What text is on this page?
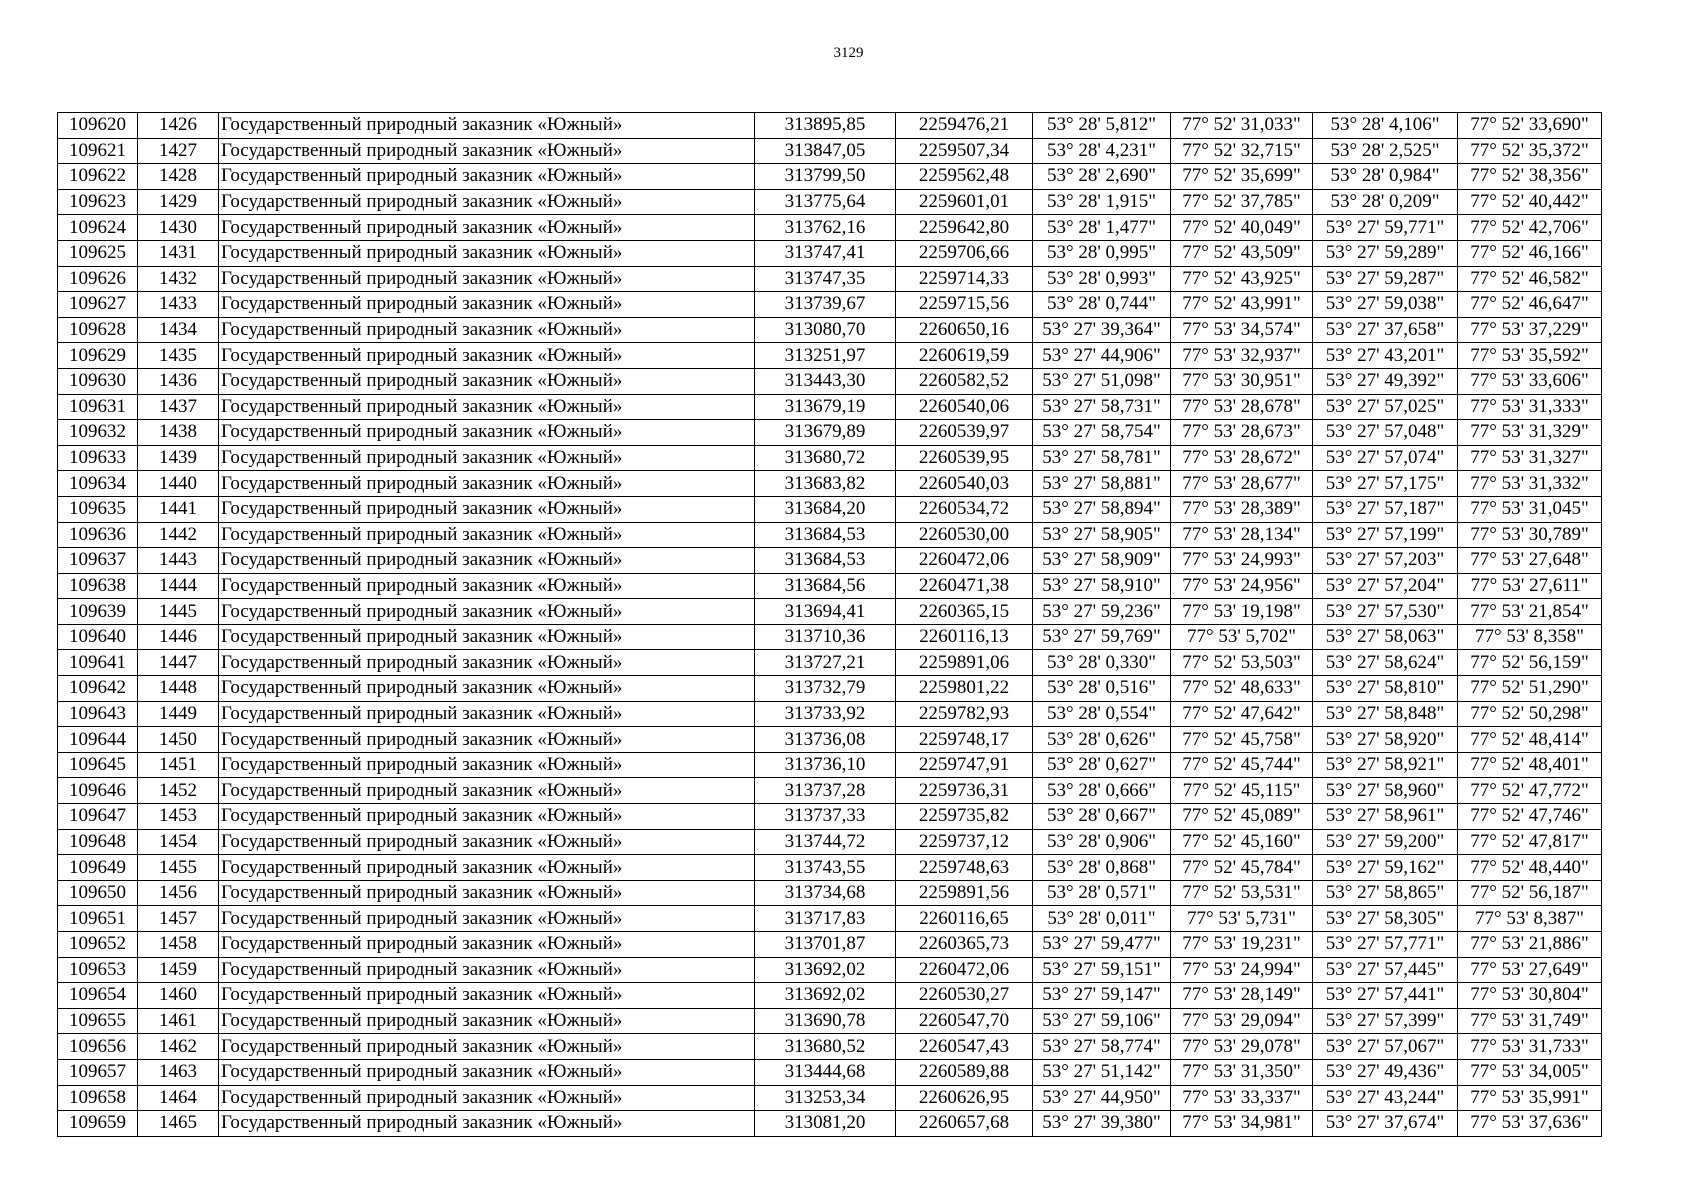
3129
109620	1426	Государственный природный заказник «Южный»	313895,85	2259476,21	53° 28' 5,812"	77° 52' 31,033"	53° 28' 4,106"	77° 52' 33,690"
109621	1427	Государственный природный заказник «Южный»	313847,05	2259507,34	53° 28' 4,231"	77° 52' 32,715"	53° 28' 2,525"	77° 52' 35,372"
109622	1428	Государственный природный заказник «Южный»	313799,50	2259562,48	53° 28' 2,690"	77° 52' 35,699"	53° 28' 0,984"	77° 52' 38,356"
109623	1429	Государственный природный заказник «Южный»	313775,64	2259601,01	53° 28' 1,915"	77° 52' 37,785"	53° 28' 0,209"	77° 52' 40,442"
109624	1430	Государственный природный заказник «Южный»	313762,16	2259642,80	53° 28' 1,477"	77° 52' 40,049"	53° 27' 59,771"	77° 52' 42,706"
109625	1431	Государственный природный заказник «Южный»	313747,41	2259706,66	53° 28' 0,995"	77° 52' 43,509"	53° 27' 59,289"	77° 52' 46,166"
109626	1432	Государственный природный заказник «Южный»	313747,35	2259714,33	53° 28' 0,993"	77° 52' 43,925"	53° 27' 59,287"	77° 52' 46,582"
109627	1433	Государственный природный заказник «Южный»	313739,67	2259715,56	53° 28' 0,744"	77° 52' 43,991"	53° 27' 59,038"	77° 52' 46,647"
109628	1434	Государственный природный заказник «Южный»	313080,70	2260650,16	53° 27' 39,364"	77° 53' 34,574"	53° 27' 37,658"	77° 53' 37,229"
109629	1435	Государственный природный заказник «Южный»	313251,97	2260619,59	53° 27' 44,906"	77° 53' 32,937"	53° 27' 43,201"	77° 53' 35,592"
109630	1436	Государственный природный заказник «Южный»	313443,30	2260582,52	53° 27' 51,098"	77° 53' 30,951"	53° 27' 49,392"	77° 53' 33,606"
109631	1437	Государственный природный заказник «Южный»	313679,19	2260540,06	53° 27' 58,731"	77° 53' 28,678"	53° 27' 57,025"	77° 53' 31,333"
109632	1438	Государственный природный заказник «Южный»	313679,89	2260539,97	53° 27' 58,754"	77° 53' 28,673"	53° 27' 57,048"	77° 53' 31,329"
109633	1439	Государственный природный заказник «Южный»	313680,72	2260539,95	53° 27' 58,781"	77° 53' 28,672"	53° 27' 57,074"	77° 53' 31,327"
109634	1440	Государственный природный заказник «Южный»	313683,82	2260540,03	53° 27' 58,881"	77° 53' 28,677"	53° 27' 57,175"	77° 53' 31,332"
109635	1441	Государственный природный заказник «Южный»	313684,20	2260534,72	53° 27' 58,894"	77° 53' 28,389"	53° 27' 57,187"	77° 53' 31,045"
109636	1442	Государственный природный заказник «Южный»	313684,53	2260530,00	53° 27' 58,905"	77° 53' 28,134"	53° 27' 57,199"	77° 53' 30,789"
109637	1443	Государственный природный заказник «Южный»	313684,53	2260472,06	53° 27' 58,909"	77° 53' 24,993"	53° 27' 57,203"	77° 53' 27,648"
109638	1444	Государственный природный заказник «Южный»	313684,56	2260471,38	53° 27' 58,910"	77° 53' 24,956"	53° 27' 57,204"	77° 53' 27,611"
109639	1445	Государственный природный заказник «Южный»	313694,41	2260365,15	53° 27' 59,236"	77° 53' 19,198"	53° 27' 57,530"	77° 53' 21,854"
109640	1446	Государственный природный заказник «Южный»	313710,36	2260116,13	53° 27' 59,769"	77° 53' 5,702"	53° 27' 58,063"	77° 53' 8,358"
109641	1447	Государственный природный заказник «Южный»	313727,21	2259891,06	53° 28' 0,330"	77° 52' 53,503"	53° 27' 58,624"	77° 52' 56,159"
109642	1448	Государственный природный заказник «Южный»	313732,79	2259801,22	53° 28' 0,516"	77° 52' 48,633"	53° 27' 58,810"	77° 52' 51,290"
109643	1449	Государственный природный заказник «Южный»	313733,92	2259782,93	53° 28' 0,554"	77° 52' 47,642"	53° 27' 58,848"	77° 52' 50,298"
109644	1450	Государственный природный заказник «Южный»	313736,08	2259748,17	53° 28' 0,626"	77° 52' 45,758"	53° 27' 58,920"	77° 52' 48,414"
109645	1451	Государственный природный заказник «Южный»	313736,10	2259747,91	53° 28' 0,627"	77° 52' 45,744"	53° 27' 58,921"	77° 52' 48,401"
109646	1452	Государственный природный заказник «Южный»	313737,28	2259736,31	53° 28' 0,666"	77° 52' 45,115"	53° 27' 58,960"	77° 52' 47,772"
109647	1453	Государственный природный заказник «Южный»	313737,33	2259735,82	53° 28' 0,667"	77° 52' 45,089"	53° 27' 58,961"	77° 52' 47,746"
109648	1454	Государственный природный заказник «Южный»	313744,72	2259737,12	53° 28' 0,906"	77° 52' 45,160"	53° 27' 59,200"	77° 52' 47,817"
109649	1455	Государственный природный заказник «Южный»	313743,55	2259748,63	53° 28' 0,868"	77° 52' 45,784"	53° 27' 59,162"	77° 52' 48,440"
109650	1456	Государственный природный заказник «Южный»	313734,68	2259891,56	53° 28' 0,571"	77° 52' 53,531"	53° 27' 58,865"	77° 52' 56,187"
109651	1457	Государственный природный заказник «Южный»	313717,83	2260116,65	53° 28' 0,011"	77° 53' 5,731"	53° 27' 58,305"	77° 53' 8,387"
109652	1458	Государственный природный заказник «Южный»	313701,87	2260365,73	53° 27' 59,477"	77° 53' 19,231"	53° 27' 57,771"	77° 53' 21,886"
109653	1459	Государственный природный заказник «Южный»	313692,02	2260472,06	53° 27' 59,151"	77° 53' 24,994"	53° 27' 57,445"	77° 53' 27,649"
109654	1460	Государственный природный заказник «Южный»	313692,02	2260530,27	53° 27' 59,147"	77° 53' 28,149"	53° 27' 57,441"	77° 53' 30,804"
109655	1461	Государственный природный заказник «Южный»	313690,78	2260547,70	53° 27' 59,106"	77° 53' 29,094"	53° 27' 57,399"	77° 53' 31,749"
109656	1462	Государственный природный заказник «Южный»	313680,52	2260547,43	53° 27' 58,774"	77° 53' 29,078"	53° 27' 57,067"	77° 53' 31,733"
109657	1463	Государственный природный заказник «Южный»	313444,68	2260589,88	53° 27' 51,142"	77° 53' 31,350"	53° 27' 49,436"	77° 53' 34,005"
109658	1464	Государственный природный заказник «Южный»	313253,34	2260626,95	53° 27' 44,950"	77° 53' 33,337"	53° 27' 43,244"	77° 53' 35,991"
109659	1465	Государственный природный заказник «Южный»	313081,20	2260657,68	53° 27' 39,380"	77° 53' 34,981"	53° 27' 37,674"	77° 53' 37,636"
